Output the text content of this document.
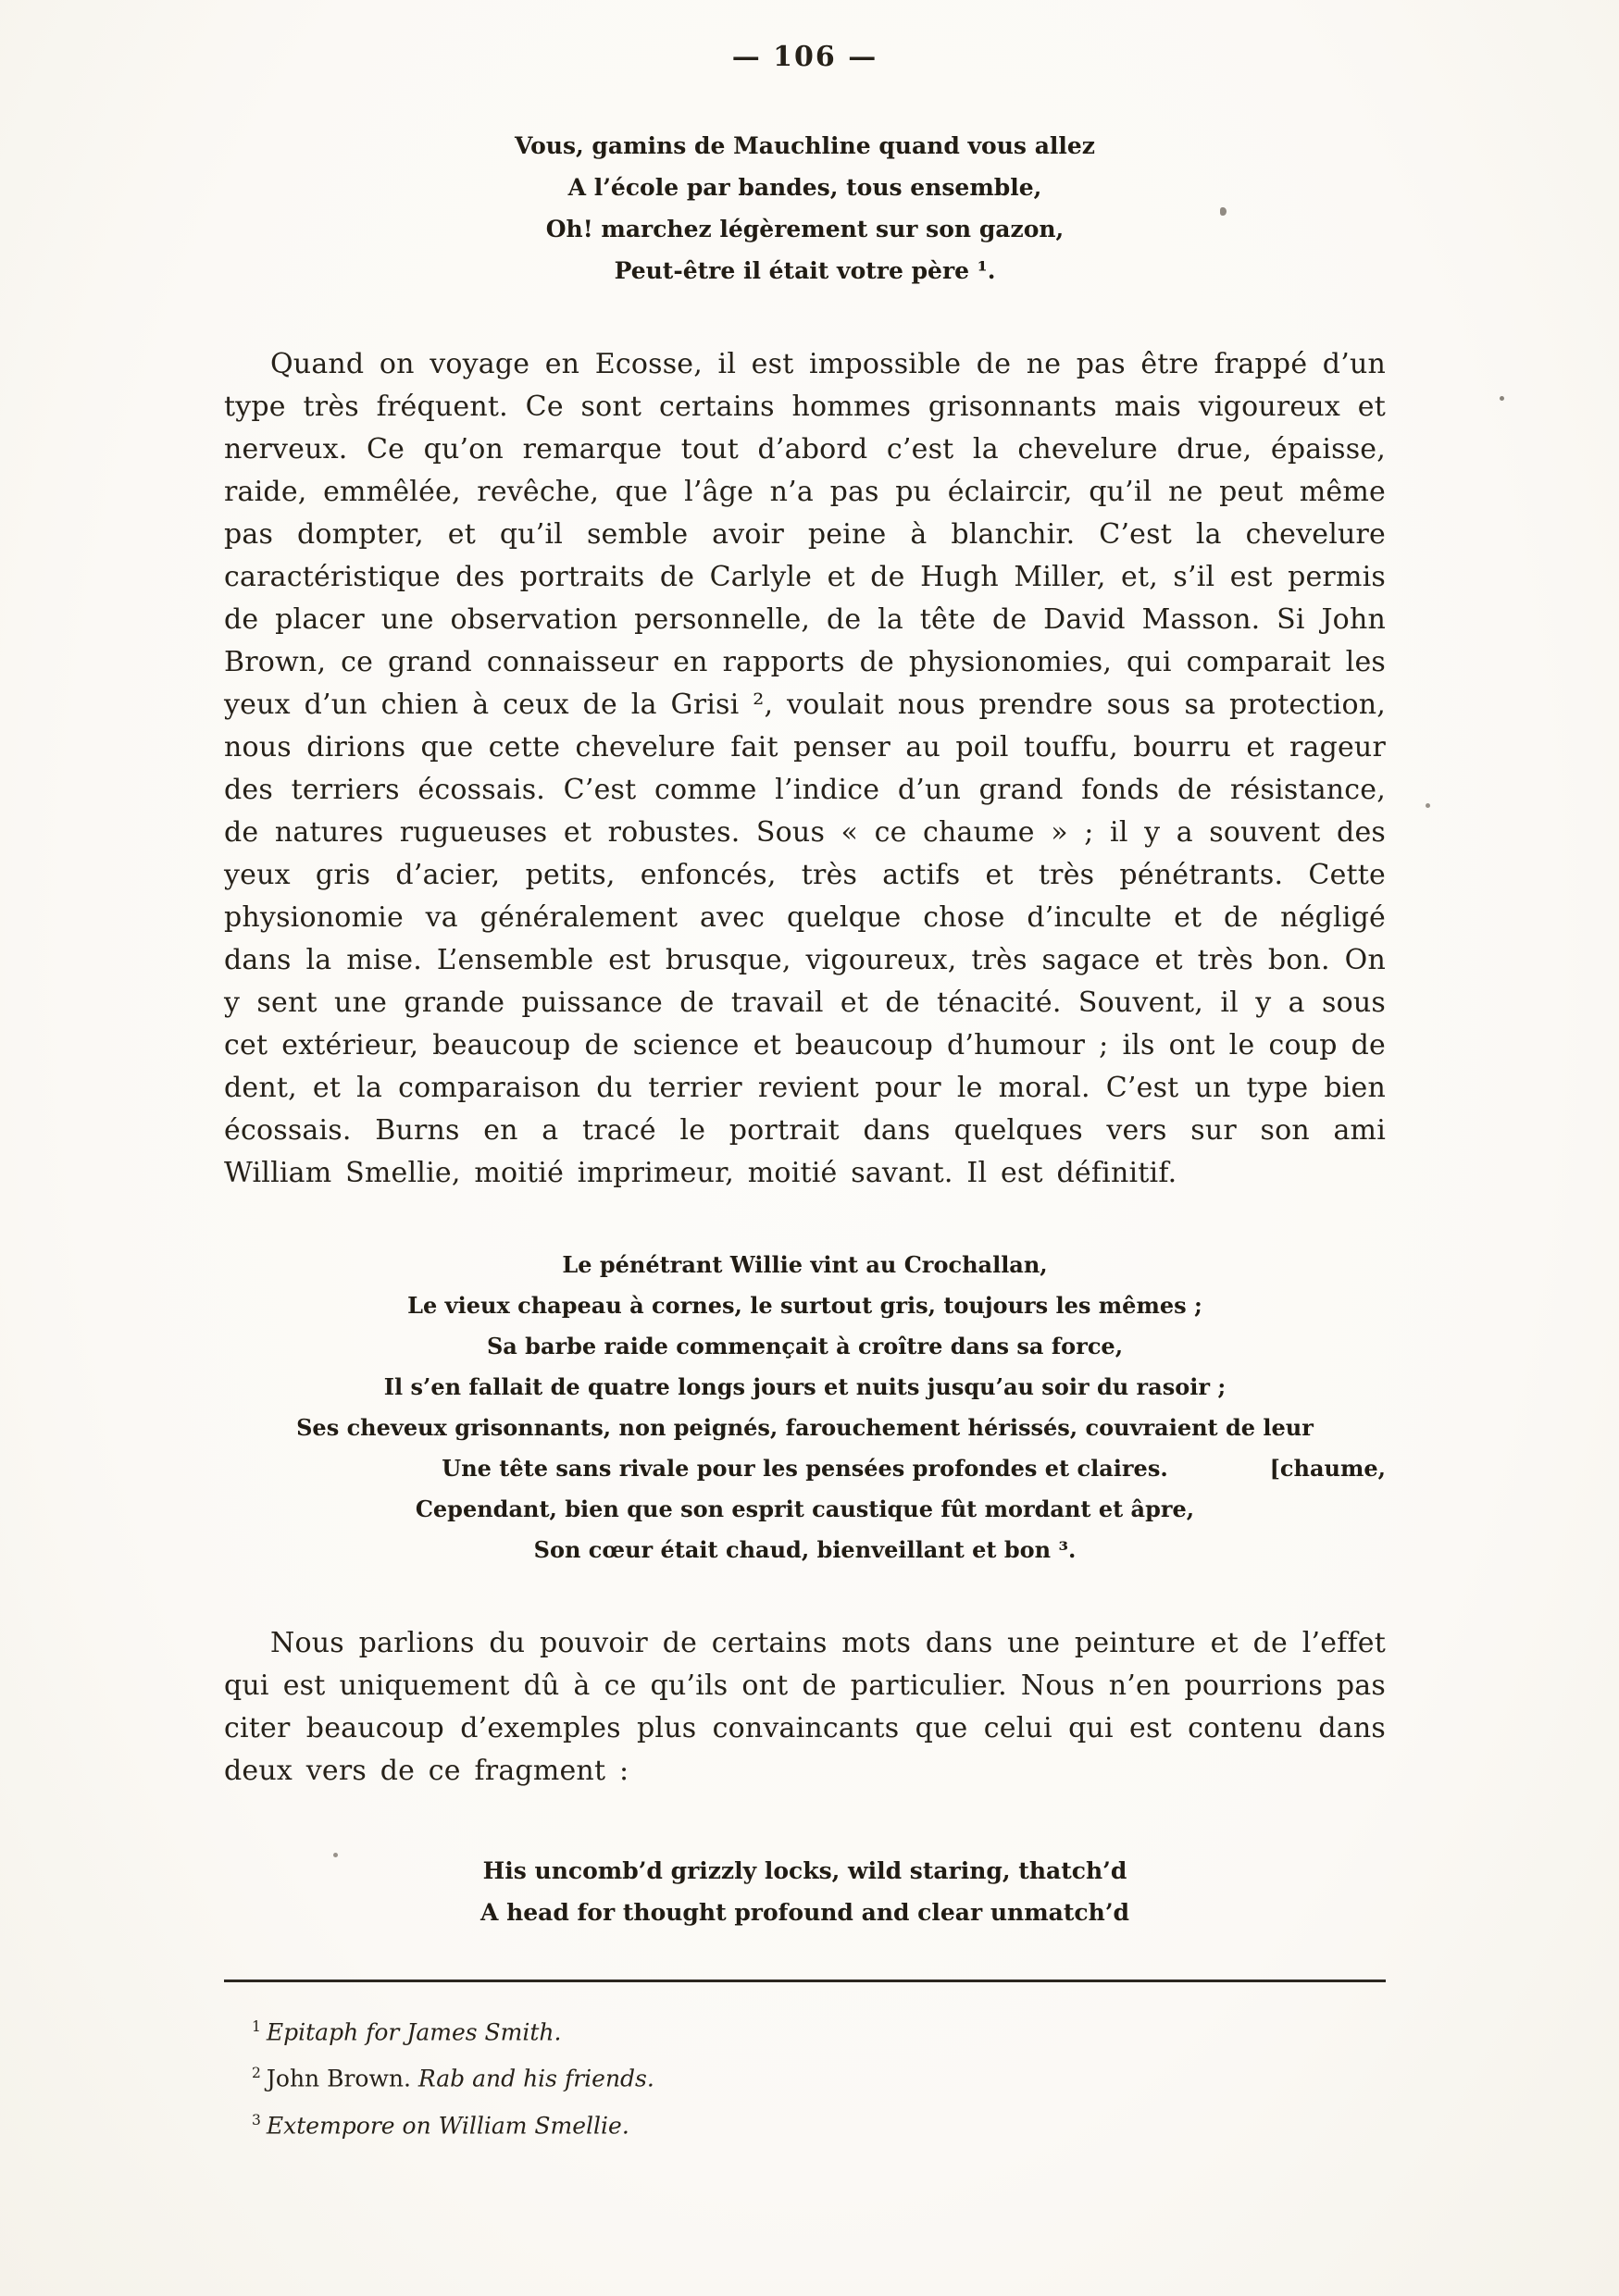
— 106 —
Vous, gamins de Mauchline quand vous allez
A l’école par bandes, tous ensemble,
Oh! marchez légèrement sur son gazon,
Peut-être il était votre père ¹.

Quand on voyage en Ecosse, il est impossible de ne pas être frappé d’un type très fréquent. Ce sont certains hommes grisonnants mais vigoureux et nerveux. Ce qu’on remarque tout d’abord c’est la chevelure drue, épaisse, raide, emmêlée, revêche, que l’âge n’a pas pu éclaircir, qu’il ne peut même pas dompter, et qu’il semble avoir peine à blanchir. C’est la chevelure caractéristique des portraits de Carlyle et de Hugh Miller, et, s’il est permis de placer une observation personnelle, de la tête de David Masson. Si John Brown, ce grand connaisseur en rapports de physionomies, qui comparait les yeux d’un chien à ceux de la Grisi ², voulait nous prendre sous sa protection, nous dirions que cette chevelure fait penser au poil touffu, bourru et rageur des terriers écossais. C’est comme l’indice d’un grand fonds de résistance, de natures rugueuses et robustes. Sous « ce chaume » ; il y a souvent des yeux gris d’acier, petits, enfoncés, très actifs et très pénétrants. Cette physionomie va généralement avec quelque chose d’inculte et de négligé dans la mise. L’ensemble est brusque, vigoureux, très sagace et très bon. On y sent une grande puissance de travail et de ténacité. Souvent, il y a sous cet extérieur, beaucoup de science et beaucoup d’humour ; ils ont le coup de dent, et la comparaison du terrier revient pour le moral. C’est un type bien écossais. Burns en a tracé le portrait dans quelques vers sur son ami William Smellie, moitié imprimeur, moitié savant. Il est définitif.

Le pénétrant Willie vint au Crochallan,
Le vieux chapeau à cornes, le surtout gris, toujours les mêmes ;
Sa barbe raide commençait à croître dans sa force,
Il s’en fallait de quatre longs jours et nuits jusqu’au soir du rasoir ;
Ses cheveux grisonnants, non peignés, farouchement hérissés, couvraient de leur
Une tête sans rivale pour les pensées profondes et claires.	[chaume,
Cependant, bien que son esprit caustique fût mordant et âpre,
Son cœur était chaud, bienveillant et bon ³.

Nous parlions du pouvoir de certains mots dans une peinture et de l’effet qui est uniquement dû à ce qu’ils ont de particulier. Nous n’en pourrions pas citer beaucoup d’exemples plus convaincants que celui qui est contenu dans deux vers de ce fragment :

His uncomb’d grizzly locks, wild staring, thatch’d
A head for thought profound and clear unmatch’d
$^1$ Epitaph for James Smith.
$^2$ John Brown. Rab and his friends.
$^3$ Extempore on William Smellie.
